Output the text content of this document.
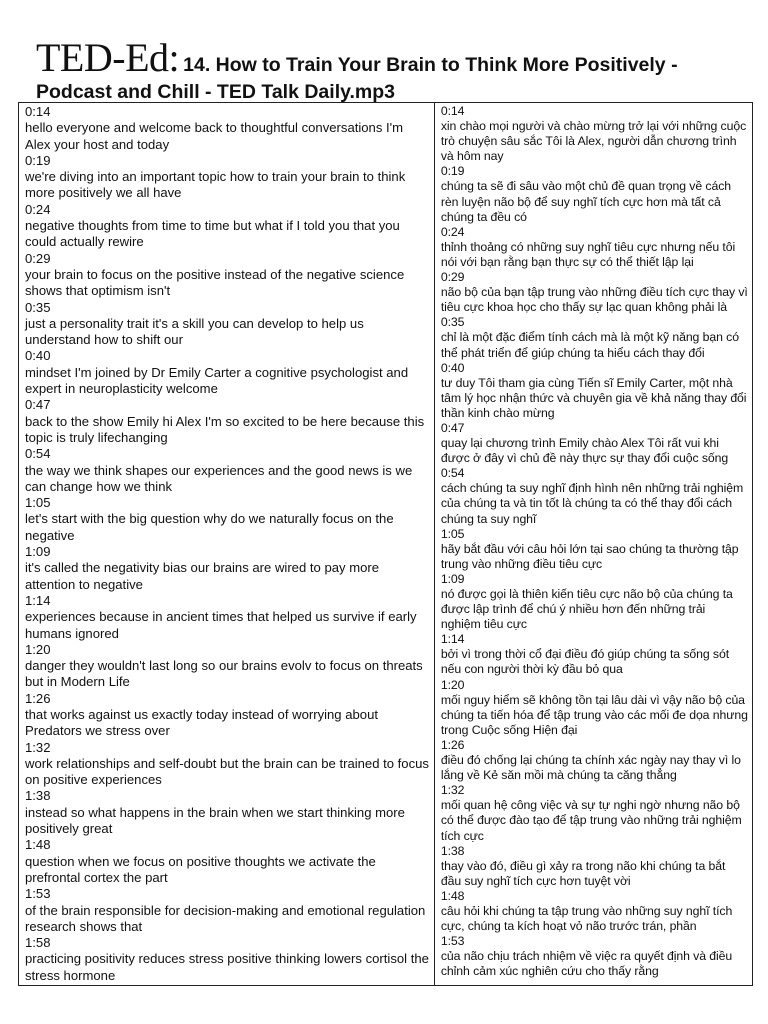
TED-Ed: 14. How to Train Your Brain to Think More Positively -
Podcast and Chill - TED Talk Daily.mp3
0:14
hello everyone and welcome back to thoughtful conversations I'm Alex your host and today
0:19
we're diving into an important topic how to train your brain to think more positively we all have
0:24
negative thoughts from time to time but what if I told you that you could actually rewire
0:29
your brain to focus on the positive instead of the negative science shows that optimism isn't
0:35
just a personality trait it's a skill you can develop to help us understand how to shift our
0:40
mindset I'm joined by Dr Emily Carter a cognitive psychologist and expert in neuroplasticity welcome
0:47
back to the show Emily hi Alex I'm so excited to be here because this topic is truly lifechanging
0:54
the way we think shapes our experiences and the good news is we can change how we think
1:05
let's start with the big question why do we naturally focus on the negative
1:09
it's called the negativity bias our brains are wired to pay more attention to negative
1:14
experiences because in ancient times that helped us survive if early humans ignored
1:20
danger they wouldn't last long so our brains evolv to focus on threats but in Modern Life
1:26
that works against us exactly today instead of worrying about Predators we stress over
1:32
work relationships and self-doubt but the brain can be trained to focus on positive experiences
1:38
instead so what happens in the brain when we start thinking more positively great
1:48
question when we focus on positive thoughts we activate the prefrontal cortex the part
1:53
of the brain responsible for decision-making and emotional regulation research shows that
1:58
practicing positivity reduces stress positive thinking lowers cortisol the stress hormone
0:14
xin chào mọi người và chào mừng trở lại với những cuộc trò chuyện sâu sắc Tôi là Alex, người dẫn chương trình và hôm nay
0:19
chúng ta sẽ đi sâu vào một chủ đề quan trọng về cách rèn luyện não bộ để suy nghĩ tích cực hơn mà tất cả chúng ta đều có
0:24
thỉnh thoảng có những suy nghĩ tiêu cực nhưng nếu tôi nói với bạn rằng bạn thực sự có thể thiết lập lại
0:29
não bộ của bạn tập trung vào những điều tích cực thay vì tiêu cực khoa học cho thấy sự lạc quan không phải là
0:35
chỉ là một đặc điểm tính cách mà là một kỹ năng bạn có thể phát triển để giúp chúng ta hiểu cách thay đổi
0:40
tư duy Tôi tham gia cùng Tiến sĩ Emily Carter, một nhà tâm lý học nhận thức và chuyên gia về khả năng thay đổi thần kinh chào mừng
0:47
quay lại chương trình Emily chào Alex Tôi rất vui khi được ở đây vì chủ đề này thực sự thay đổi cuộc sống
0:54
cách chúng ta suy nghĩ định hình nên những trải nghiệm của chúng ta và tin tốt là chúng ta có thể thay đổi cách chúng ta suy nghĩ
1:05
hãy bắt đầu với câu hỏi lớn tại sao chúng ta thường tập trung vào những điều tiêu cực
1:09
nó được gọi là thiên kiến tiêu cực não bộ của chúng ta được lập trình để chú ý nhiều hơn đến những trải nghiệm tiêu cực
1:14
bởi vì trong thời cổ đại điều đó giúp chúng ta sống sót nếu con người thời kỳ đầu bỏ qua
1:20
mối nguy hiểm sẽ không tồn tại lâu dài vì vậy não bộ của chúng ta tiến hóa để tập trung vào các mối đe dọa nhưng trong Cuộc sống Hiện đại
1:26
điều đó chống lại chúng ta chính xác ngày nay thay vì lo lắng về Kẻ săn mồi mà chúng ta căng thẳng
1:32
mối quan hệ công việc và sự tự nghi ngờ nhưng não bộ có thể được đào tạo để tập trung vào những trải nghiệm tích cực
1:38
thay vào đó, điều gì xảy ra trong não khi chúng ta bắt đầu suy nghĩ tích cực hơn tuyệt vời
1:48
câu hỏi khi chúng ta tập trung vào những suy nghĩ tích cực, chúng ta kích hoạt vỏ não trước trán, phần
1:53
của não chịu trách nhiệm về việc ra quyết định và điều chỉnh cảm xúc nghiên cứu cho thấy rằng
